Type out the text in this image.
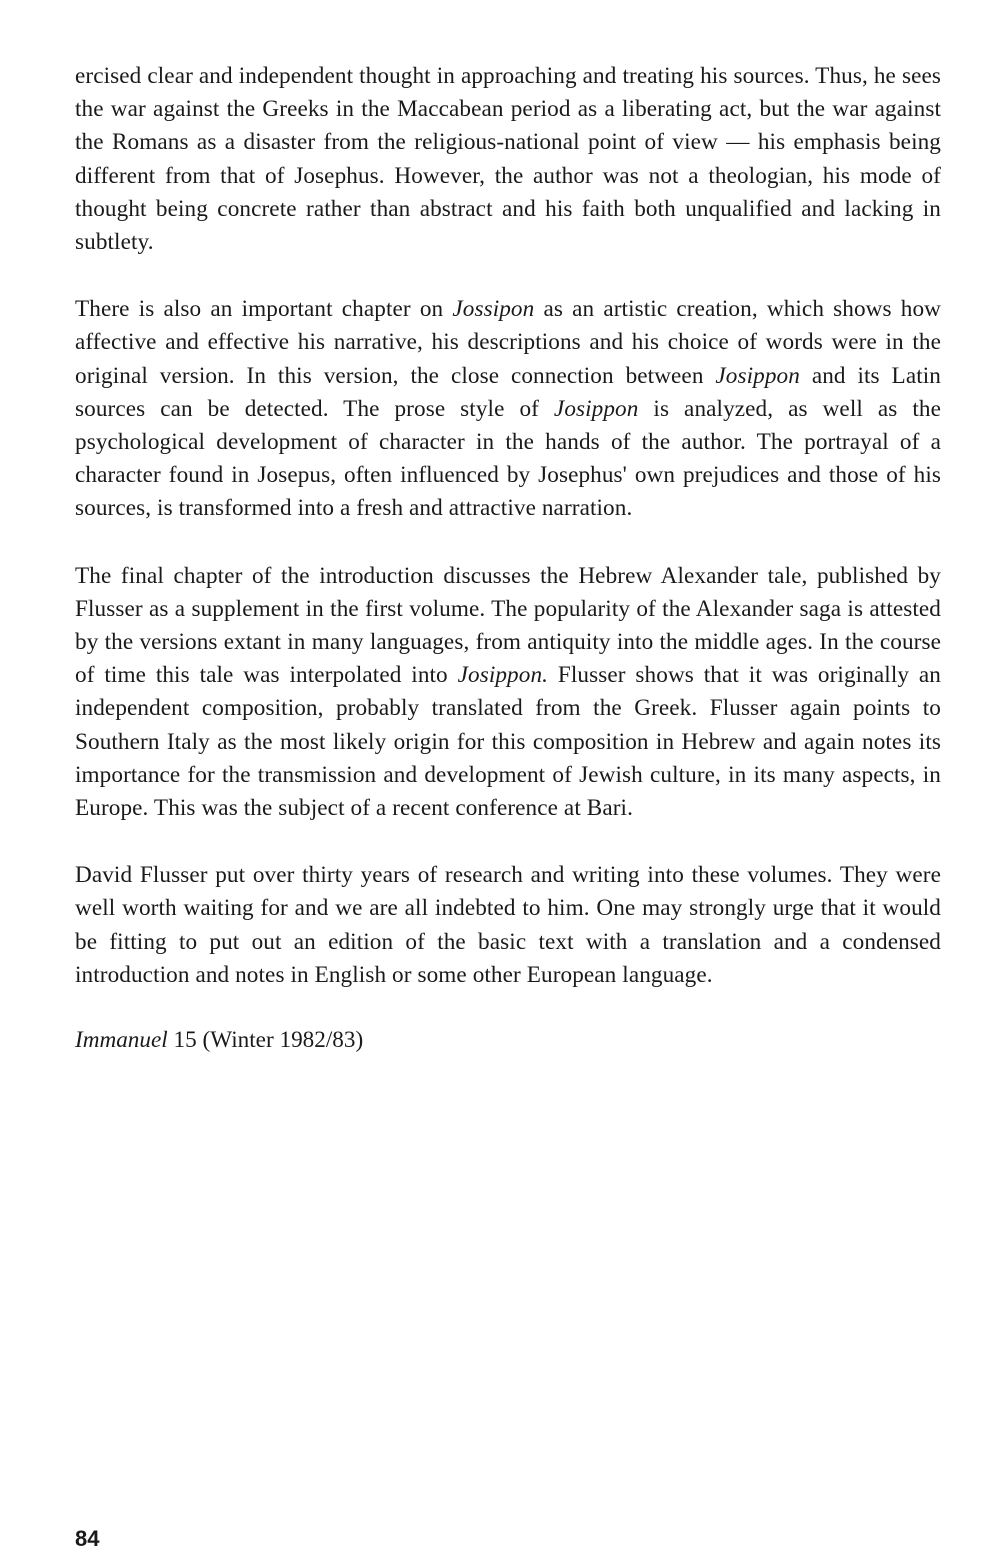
ercised clear and independent thought in approaching and treating his sources. Thus, he sees the war against the Greeks in the Maccabean period as a liberating act, but the war against the Romans as a disaster from the religious-national point of view — his emphasis being different from that of Josephus. However, the author was not a theologian, his mode of thought being concrete rather than abstract and his faith both unqualified and lacking in subtlety.

There is also an important chapter on Jossipon as an artistic creation, which shows how affective and effective his narrative, his descriptions and his choice of words were in the original version. In this version, the close connection between Josippon and its Latin sources can be detected. The prose style of Josippon is analyzed, as well as the psychological development of character in the hands of the author. The portrayal of a character found in Josepus, often influenced by Josephus' own prejudices and those of his sources, is transformed into a fresh and attractive narration.

The final chapter of the introduction discusses the Hebrew Alexander tale, published by Flusser as a supplement in the first volume. The popularity of the Alexander saga is attested by the versions extant in many languages, from antiquity into the middle ages. In the course of time this tale was interpolated into Josippon. Flusser shows that it was originally an independent composition, probably translated from the Greek. Flusser again points to Southern Italy as the most likely origin for this composition in Hebrew and again notes its importance for the transmission and development of Jewish culture, in its many aspects, in Europe. This was the subject of a recent conference at Bari.

David Flusser put over thirty years of research and writing into these volumes. They were well worth waiting for and we are all indebted to him. One may strongly urge that it would be fitting to put out an edition of the basic text with a translation and a condensed introduction and notes in English or some other European language.

Immanuel 15 (Winter 1982/83)

84
